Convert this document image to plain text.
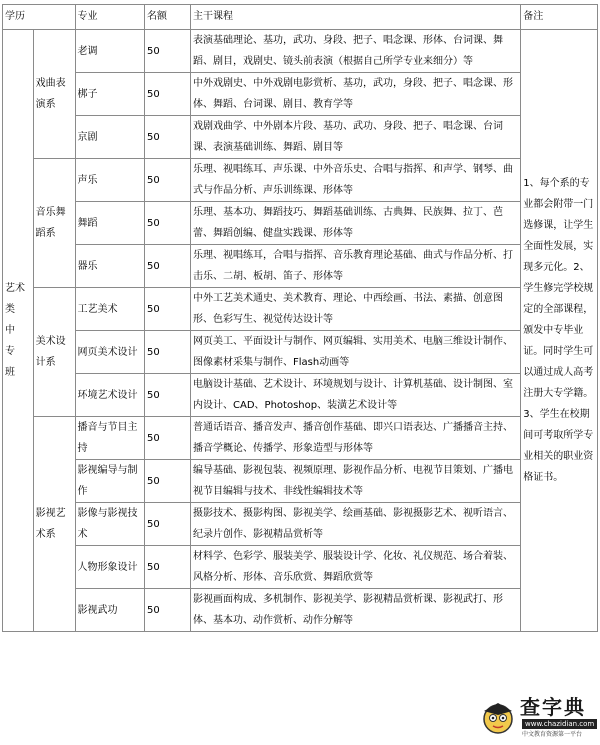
学历		专业	名额	主干课程	备注

艺术
类
中
专
班	戏曲表演系	老调	50	表演基础理论、基功，武功、身段、把子、唱念课、形体、台词课、舞蹈、剧目，戏剧史、镜头前表演（根据自己所学专业来细分）等	1、每个系的专业都会附带一门选修课，让学生全面性发展，实现多元化。2、学生修完学校规定的全部课程，颁发中专毕业证。同时学生可以通过成人高考注册大专学籍。3、学生在校期间可考取所学专业相关的职业资格证书。
		梆子	50	中外戏剧史、中外戏剧电影赏析、基功，武功，身段、把子、唱念课、形体、舞蹈、台词课、剧目、教育学等	
		京剧	50	戏剧戏曲学、中外剧本片段、基功、武功、身段、把子、唱念课、台词课、表演基础训练、舞蹈、剧目等	
	音乐舞蹈系	声乐	50	乐理、视唱练耳、声乐课、中外音乐史、合唱与指挥、和声学、钢琴、曲式与作品分析、声乐训练课、形体等	
		舞蹈	50	乐理、基本功、舞蹈技巧、舞蹈基础训练、古典舞、民族舞、拉丁、芭蕾、舞蹈创编、健盘实践课、形体等	
		器乐	50	乐理、视唱练耳，合唱与指挥、音乐教育理论基础、曲式与作品分析、打击乐、二胡、板胡、笛子、形体等	
	美术设计系	工艺美术	50	中外工艺美术通史、美术教育、理论、中西绘画、书法、素描、创意图形、色彩写生、视觉传达设计等	
		网页美术设计	50	网页美工、平面设计与制作、网页编辑、实用美术、电脑三维设计制作、图像素材采集与制作、Flash动画等	
		环境艺术设计	50	电脑设计基础、艺术设计、环境规划与设计、计算机基础、设计制图、室内设计、CAD、Photoshop、装潢艺术设计等	
	影视艺术系	播音与节目主持	50	普通话语音、播音发声、播音创作基础、即兴口语表达、广播播音主持、播音学概论、传播学、形象造型与形体等	
		影视编导与制作	50	编导基础、影视包装、视频原理、影视作品分析、电视节目策划、广播电视节目编辑与技术、非线性编辑技术等	
		影像与影视技术	50	摄影技术、摄影构图、影视美学、绘画基础、影视摄影艺术、视听语言、纪录片创作、影视精品赏析等	
		人物形象设计	50	材料学、色彩学、服装美学、服装设计学、化妆、礼仪规范、场合着装、风格分析、形体、音乐欣赏、舞蹈欣赏等	
		影视武功	50	影视画面构成、多机制作、影视美学、影视精品赏析课、影视武打、形体、基本功、动作赏析、动作分解等	
查字典
www.chazidian.com
中文教育资源第一平台
